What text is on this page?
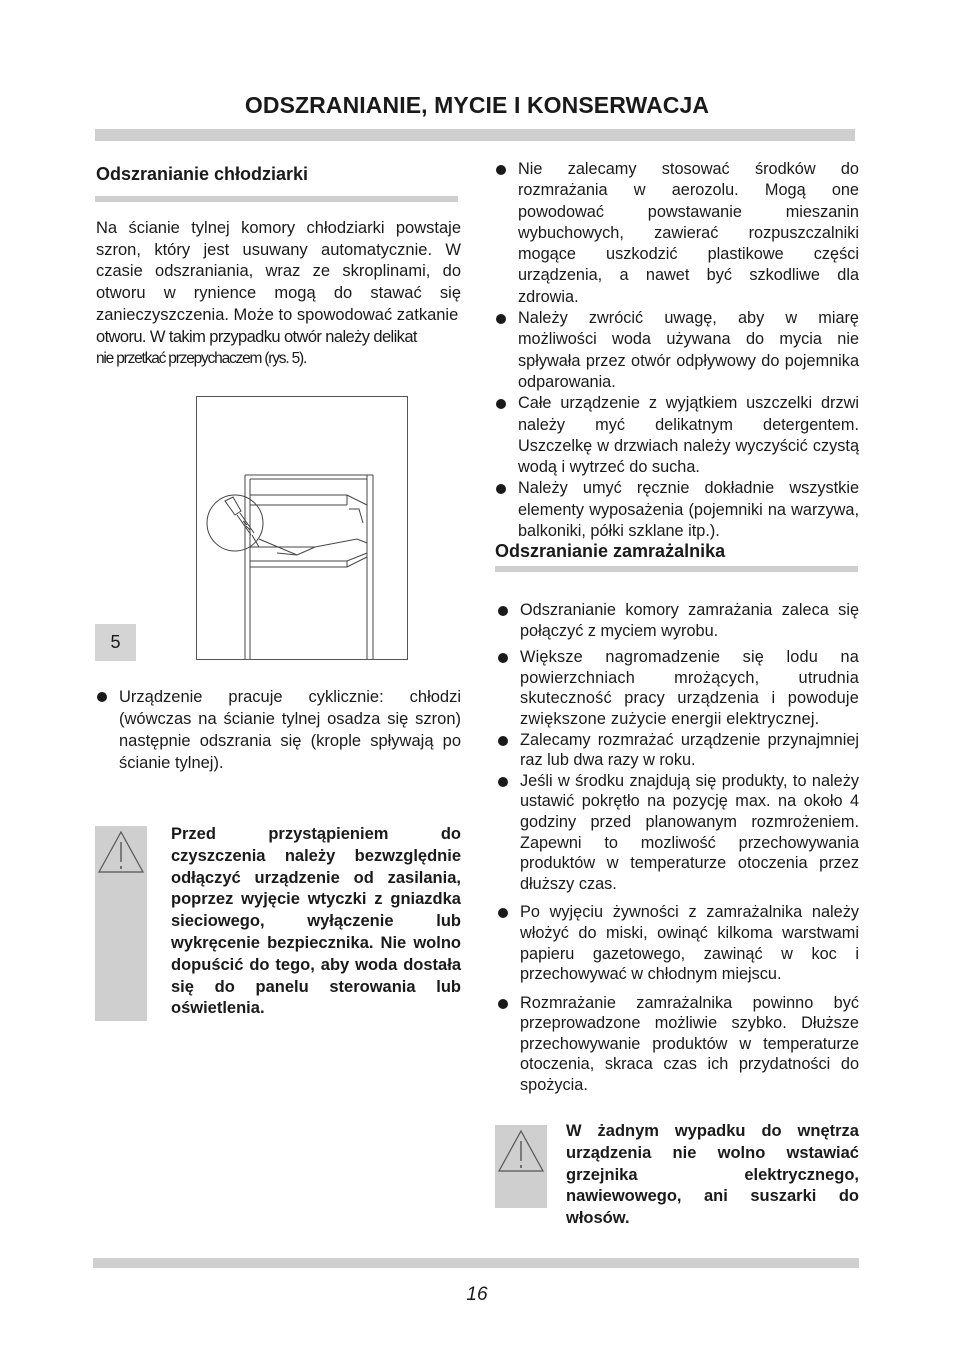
ODSZRANIANIE, MYCIE I KONSERWACJA
Odszranianie chłodziarki
Na ścianie tylnej komory chłodziarki powstaje szron, który jest usuwany automatycznie. W czasie odszraniania, wraz ze skroplinami, do otworu w rynience mogą do stawać się zanieczyszczenia. Może to spowodować zatkanie
otworu. W takim przypadku otwór należy delikat
nie przetkać przepychaczem (rys. 5).
5
Urządzenie pracuje cyklicznie: chłodzi (wówczas na ścianie tylnej osadza się szron) następnie odszrania się (krople spływają po ścianie tylnej).
Przed przystąpieniem do czyszczenia należy bezwzględnie odłączyć urządzenie od zasilania, poprzez wyjęcie wtyczki z gniazdka sieciowego, wyłączenie lub wykręcenie bezpiecznika. Nie wolno dopuścić do tego, aby woda dostała się do panelu sterowania lub oświetlenia.
Nie zalecamy stosować środków do rozmrażania w aerozolu. Mogą one powodować powstawanie mieszanin wybuchowych, zawierać rozpuszczalniki mogące uszkodzić plastikowe części urządzenia, a nawet być szkodliwe dla zdrowia.
Należy zwrócić uwagę, aby w miarę możliwości woda używana do mycia nie spływała przez otwór odpływowy do pojemnika odparowania.
Całe urządzenie z wyjątkiem uszczelki drzwi należy myć delikatnym detergentem. Uszczelkę w drzwiach należy wyczyścić czystą wodą i wytrzeć do sucha.
Należy umyć ręcznie dokładnie wszystkie elementy wyposażenia (pojemniki na warzywa, balkoniki, półki szklane itp.).
Odszranianie zamrażalnika
Odszranianie komory zamrażania zaleca się połączyć z myciem wyrobu.
Większe nagromadzenie się lodu na powierzchniach mrożących, utrudnia skuteczność pracy urządzenia i powoduje zwiększone zużycie energii elektrycznej.
Zalecamy rozmrażać urządzenie przynajmniej raz lub dwa razy w roku.
Jeśli w środku znajdują się produkty, to należy ustawić pokrętło na pozycję max. na około 4 godziny przed planowanym rozmrożeniem. Zapewni to mozliwość przechowywania produktów w temperaturze otoczenia przez dłuższy czas.
Po wyjęciu żywności z zamrażalnika należy włożyć do miski, owinąć kilkoma warstwami papieru gazetowego, zawinąć w koc i przechowywać w chłodnym miejscu.
Rozmrażanie zamrażalnika powinno być przeprowadzone możliwie szybko. Dłuższe przechowywanie produktów w temperaturze otoczenia, skraca czas ich przydatności do spożycia.
W żadnym wypadku do wnętrza urządzenia nie wolno wstawiać grzejnika elektrycznego, nawiewowego, ani suszarki do włosów.
16
